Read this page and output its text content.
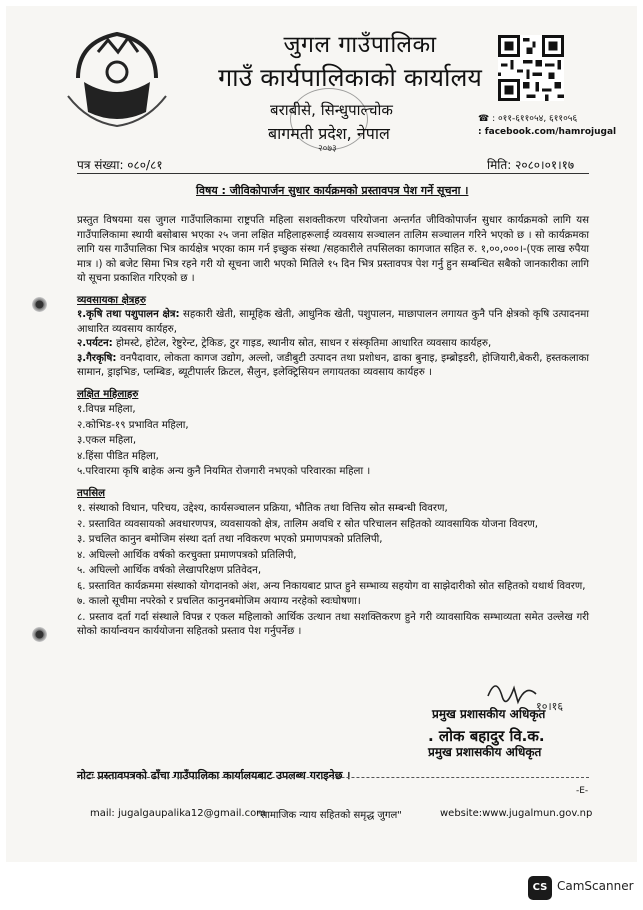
जुगल गाउँपालिका
गाउँ कार्यपालिकाको कार्यालय
बराबीसे, सिन्धुपाल्चोक
बागमती प्रदेश, नेपाल
२०७३
☎ : ०११-६११०५४, ६११०५६
: facebook.com/hamrojugal
पत्र संख्या: ०८०/८१	मिति: २०८०।०१।१७
विषय : जीविकोपार्जन सुधार कार्यक्रमको प्रस्तावपत्र पेश गर्ने सूचना ।

प्रस्तुत विषयमा यस जुगल गाउँपालिकामा राष्ट्रपति महिला सशक्तीकरण परियोजना अन्तर्गत जीविकोपार्जन सुधार कार्यक्रमको लागि यस गाउँपालिकामा स्थायी बसोबास भएका २५ जना लक्षित महिलाहरूलाई व्यवसाय सञ्चालन तालिम सञ्चालन गरिने भएको छ । सो कार्यक्रमका लागि यस गाउँपालिका भित्र कार्यक्षेत्र भएका काम गर्न इच्छुक संस्था /सहकारीले तपसिलका कागजात सहित रु. १,००,०००।-(एक लाख रुपैया मात्र ।) को बजेट सिमा भित्र रहने गरी यो सूचना जारी भएको मितिले १५ दिन भित्र प्रस्तावपत्र पेश गर्नु हुन सम्बन्धित सबैको जानकारीका लागि यो सूचना प्रकाशित गरिएको छ ।

व्यवसायका क्षेत्रहरु
१.कृषि तथा पशुपालन क्षेत्र: सहकारी खेती, सामूहिक खेती, आधुनिक खेती, पशुपालन, माछापालन लगायत कुनै पनि क्षेत्रको कृषि उत्पादनमा आधारित व्यवसाय कार्यहरु,
२.पर्यटन: होमस्टे, होटेल, रेष्टुरेन्ट, ट्रेकिङ, टुर गाइड, स्थानीय स्रोत, साधन र संस्कृतिमा आधारित व्यवसाय कार्यहरु,
३.गैरकृषि: वनपैदावार, लोकता कागज उद्योग, अल्लो, जडीबुटी उत्पादन तथा प्रशोधन, ढाका बुनाइ, इम्ब्रोइडरी, होजियारी,बेकरी, हस्तकलाका सामान, ड्राइभिङ, प्लम्बिङ, ब्यूटीपार्लर क्रिटल, सैलुन, इलेक्ट्रिसियन लगायतका व्यवसाय कार्यहरु ।
लक्षित महिलाहरु
१.विपन्न महिला,
२.कोभिड-१९ प्रभावित महिला,
३.एकल महिला,
४.हिंसा पीडित महिला,
५.परिवारमा कृषि बाहेक अन्य कुनै नियमित रोजगारी नभएको परिवारका महिला ।
तपसिल
१. संस्थाको विधान, परिचय, उद्देश्य, कार्यसञ्चालन प्रक्रिया, भौतिक तथा वित्तिय स्रोत सम्बन्धी विवरण,
२. प्रस्तावित व्यवसायको अवधारणपत्र, व्यवसायको क्षेत्र, तालिम अवधि र स्रोत परिचालन सहितको व्यावसायिक योजना विवरण,
३. प्रचलित कानुन बमोजिम संस्था दर्ता तथा नविकरण भएको प्रमाणपत्रको प्रतिलिपी,
४. अघिल्लो आर्थिक वर्षको करचुक्ता प्रमाणपत्रको प्रतिलिपी,
५. अघिल्लो आर्थिक वर्षको लेखापरिक्षण प्रतिवेदन,
६. प्रस्तावित कार्यक्रममा संस्थाको योगदानको अंश, अन्य निकायबाट प्राप्त हुने सम्भाव्य सहयोग वा साझेदारीको स्रोत सहितको यथार्थ विवरण,
७. कालो सूचीमा नपरेको र प्रचलित कानुनबमोजिम अयाग्य नरहेको स्वःघोषणा।
८. प्रस्ताव दर्ता गर्दा संस्थाले विपन्न र एकल महिलाको आर्थिक उत्थान तथा सशक्तिकरण हुने गरी व्यावसायिक सम्भाव्यता समेत उल्लेख गरी सोको कार्यान्वयन कार्ययोजना सहितको प्रस्ताव पेश गर्नुपर्नेछ ।
१०।१६
प्रमुख प्रशासकीय अधिकृत
. लोक बहादुर वि.क.
प्रमुख प्रशासकीय अधिकृत
नोटः प्रस्तावपत्रको ढाँचा गाउँपालिका कार्यालयबाट उपलब्ध गराइनेछ ।
-E-
mail: jugalgaupalika12@gmail.com
"सामाजिक न्याय सहितको समृद्ध जुगल"	website:www.jugalmun.gov.np
CS CamScanner
